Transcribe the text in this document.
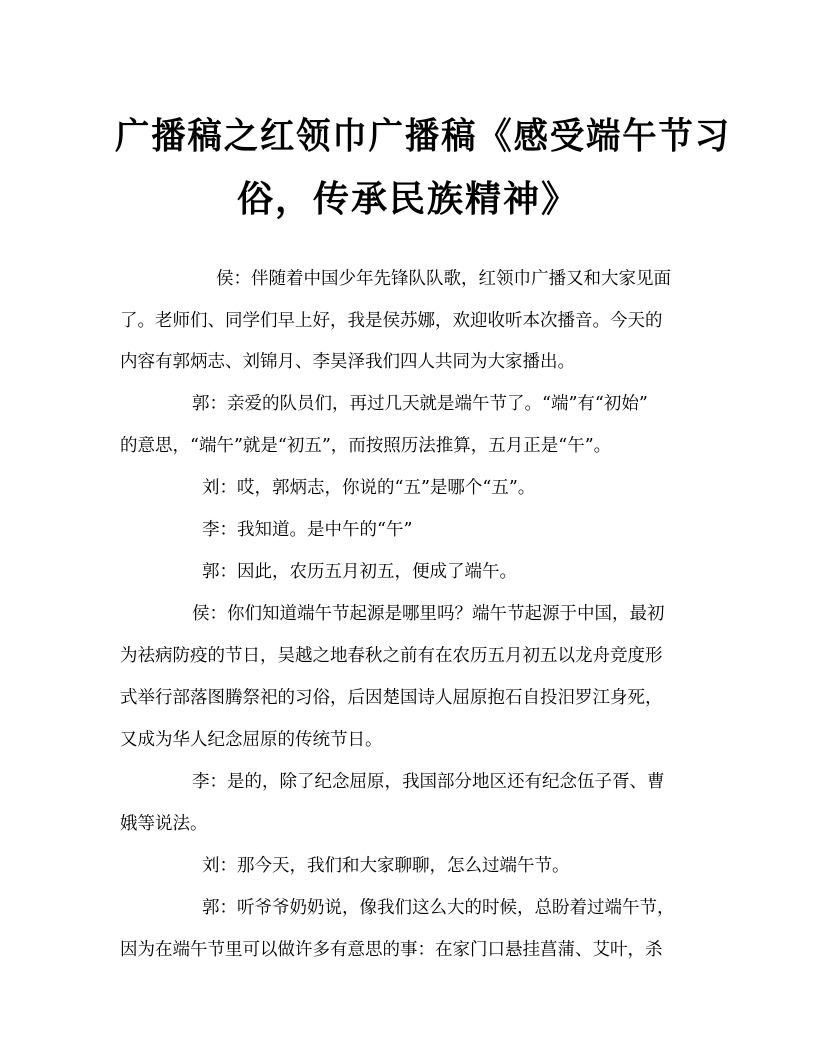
广播稿之红领巾广播稿《感受端午节习
俗，传承民族精神》
侯：伴随着中国少年先锋队队歌，红领巾广播又和大家见面
了。老师们、同学们早上好，我是侯苏娜，欢迎收听本次播音。今天的
内容有郭炳志、刘锦月、李昊泽我们四人共同为大家播出。
郭：亲爱的队员们，再过几天就是端午节了。“端”有“初始”
的意思，“端午”就是“初五”，而按照历法推算，五月正是“午”。
刘：哎，郭炳志，你说的“五”是哪个“五”。
李：我知道。是中午的“午”
郭：因此，农历五月初五，便成了端午。
侯：你们知道端午节起源是哪里吗？端午节起源于中国，最初
为祛病防疫的节日，吴越之地春秋之前有在农历五月初五以龙舟竞度形
式举行部落图腾祭祀的习俗，后因楚国诗人屈原抱石自投汨罗江身死，
又成为华人纪念屈原的传统节日。
李：是的，除了纪念屈原，我国部分地区还有纪念伍子胥、曹
娥等说法。
刘：那今天，我们和大家聊聊，怎么过端午节。
郭：听爷爷奶奶说，像我们这么大的时候，总盼着过端午节，
因为在端午节里可以做许多有意思的事：在家门口悬挂菖蒲、艾叶，杀
